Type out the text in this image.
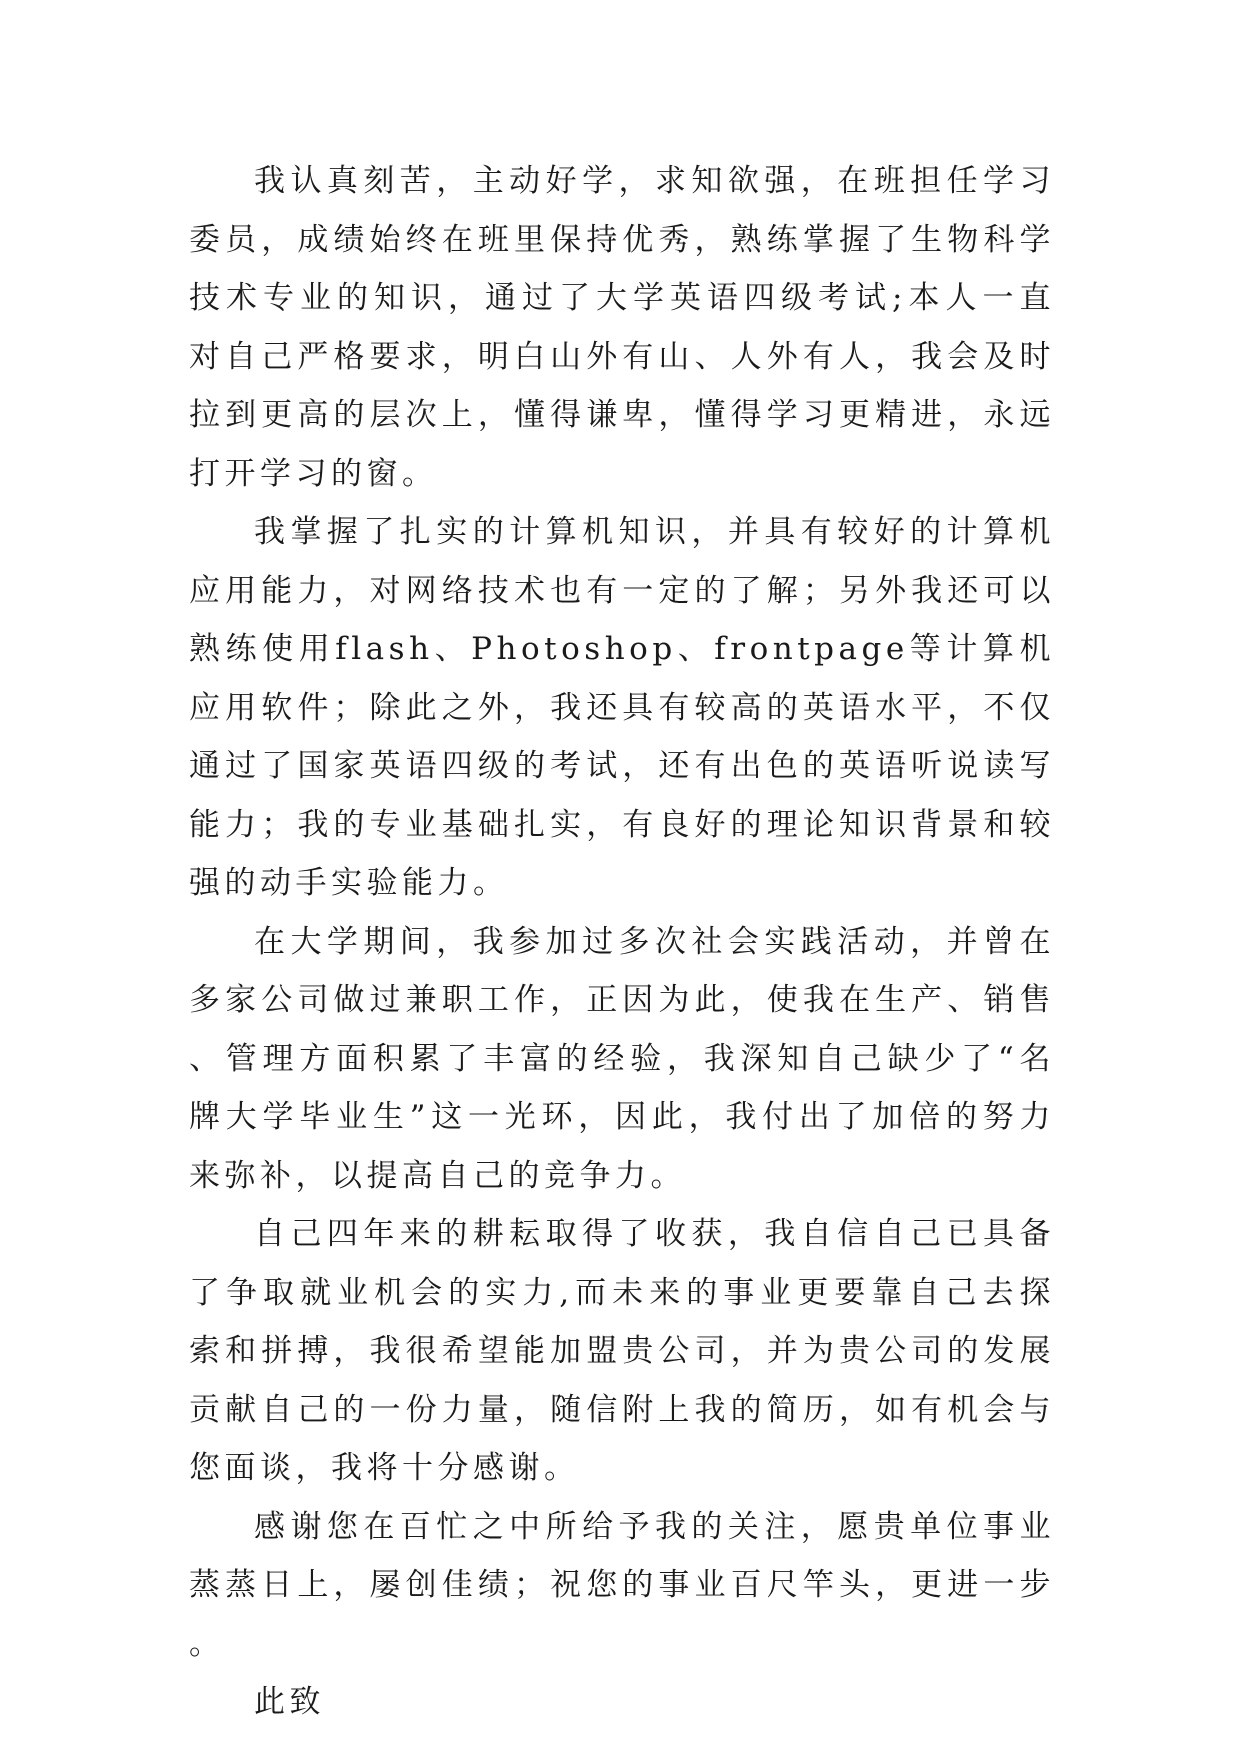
我认真刻苦，主动好学，求知欲强，在班担任学习委员，成绩始终在班里保持优秀，熟练掌握了生物科学技术专业的知识，通过了大学英语四级考试;本人一直对自己严格要求，明白山外有山、人外有人，我会及时拉到更高的层次上，懂得谦卑，懂得学习更精进，永远打开学习的窗。

我掌握了扎实的计算机知识，并具有较好的计算机应用能力，对网络技术也有一定的了解；另外我还可以熟练使用flash、Photoshop、frontpage等计算机应用软件；除此之外，我还具有较高的英语水平，不仅通过了国家英语四级的考试，还有出色的英语听说读写能力；我的专业基础扎实，有良好的理论知识背景和较强的动手实验能力。

在大学期间，我参加过多次社会实践活动，并曾在多家公司做过兼职工作，正因为此，使我在生产、销售、管理方面积累了丰富的经验，我深知自己缺少了“名牌大学毕业生”这一光环，因此，我付出了加倍的努力来弥补，以提高自己的竞争力。

自己四年来的耕耘取得了收获，我自信自己已具备了争取就业机会的实力,而未来的事业更要靠自己去探索和拼搏，我很希望能加盟贵公司，并为贵公司的发展贡献自己的一份力量，随信附上我的简历，如有机会与您面谈，我将十分感谢。

感谢您在百忙之中所给予我的关注，愿贵单位事业蒸蒸日上，屡创佳绩；祝您的事业百尺竿头，更进一步。

此致
